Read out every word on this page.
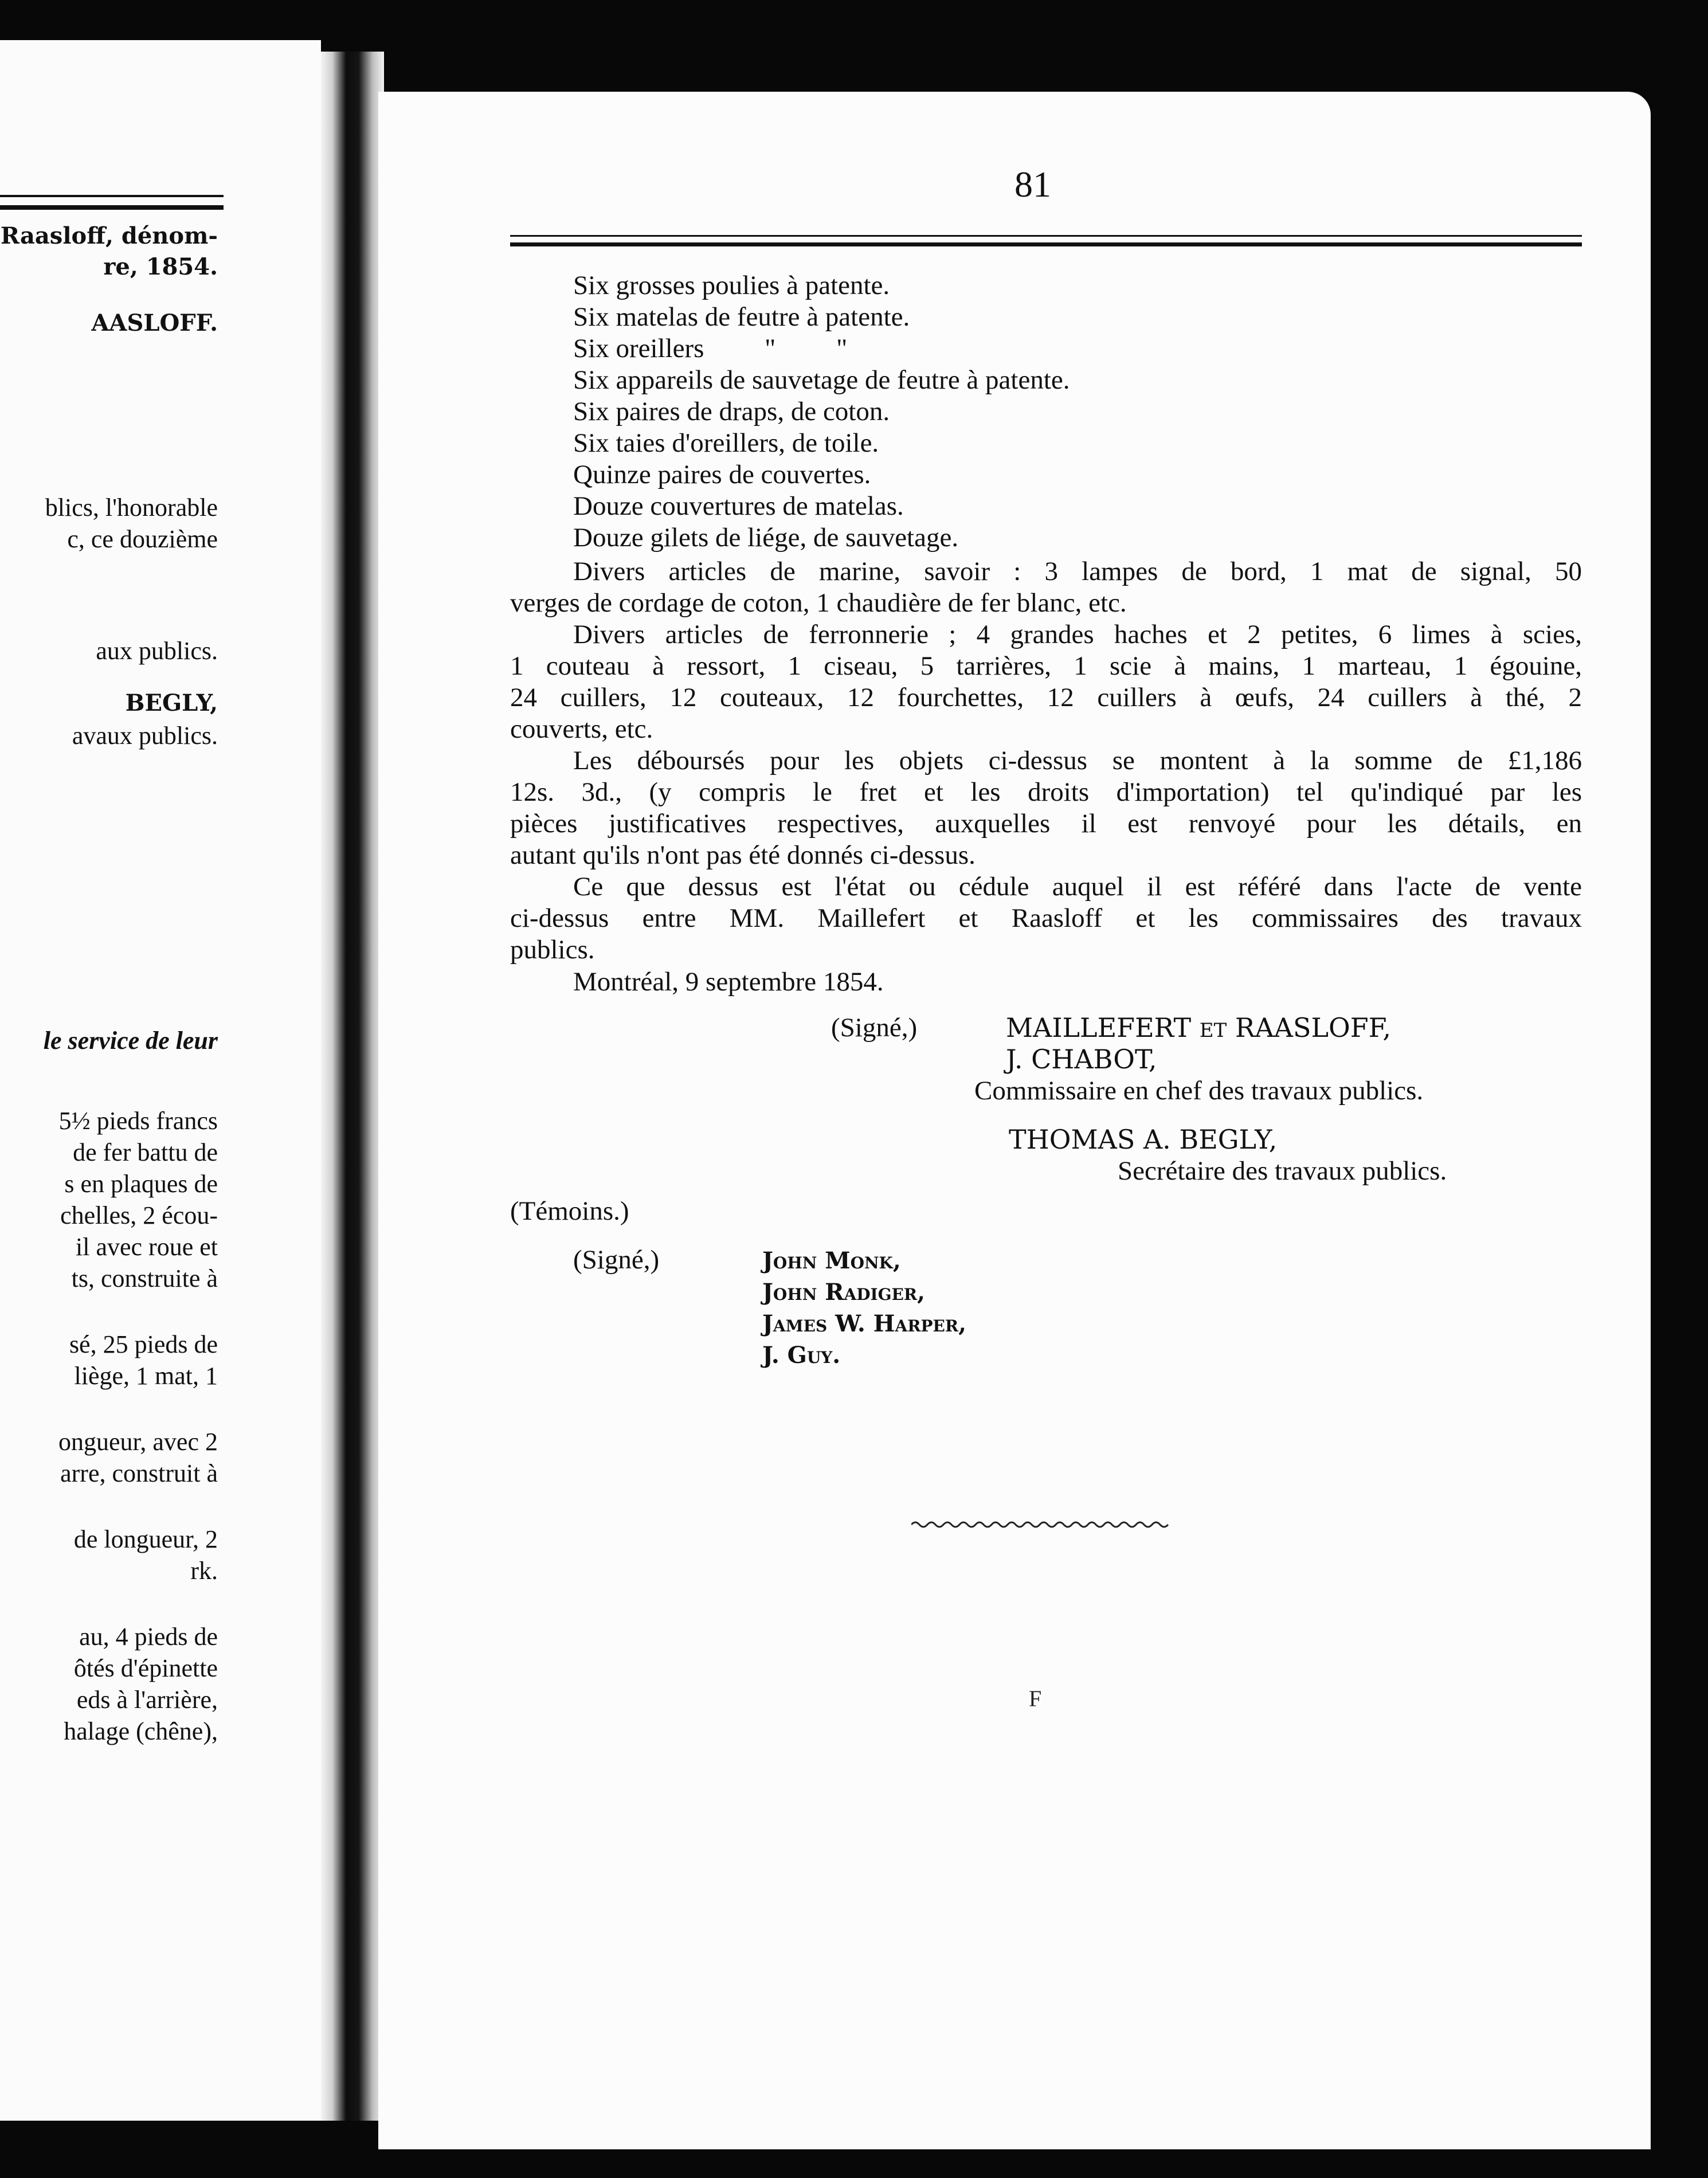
Raasloff, dénom-
re, 1854.
AASLOFF.
blics, l'honorable
c, ce douzième
aux publics.
BEGLY,
avaux publics.
le service de leur
5½ pieds francs
de fer battu de
s en plaques de
chelles, 2 écou-
il avec roue et
ts, construite à
sé, 25 pieds de
liège, 1 mat, 1
ongueur, avec 2
arre, construit à
de longueur, 2
rk.
au, 4 pieds de
ôtés d'épinette
eds à l'arrière,
halage (chêne),
81
Six grosses poulies à patente.
Six matelas de feutre à patente.
Six oreillers         "         "
Six appareils de sauvetage de feutre à patente.
Six paires de draps, de coton.
Six taies d'oreillers, de toile.
Quinze paires de couvertes.
Douze couvertures de matelas.
Douze gilets de liége, de sauvetage.
Divers articles de marine, savoir : 3 lampes de bord, 1 mat de signal, 50
verges de cordage de coton, 1 chaudière de fer blanc, etc.
Divers articles de ferronnerie ; 4 grandes haches et 2 petites, 6 limes à scies,
1 couteau à ressort, 1 ciseau, 5 tarrières, 1 scie à mains, 1 marteau, 1 égouine,
24 cuillers, 12 couteaux, 12 fourchettes, 12 cuillers à œufs, 24 cuillers à thé, 2
couverts, etc.
Les déboursés pour les objets ci-dessus se montent à la somme de £1,186
12s. 3d., (y compris le fret et les droits d'importation) tel qu'indiqué par les
pièces justificatives respectives, auxquelles il est renvoyé pour les détails, en
autant qu'ils n'ont pas été donnés ci-dessus.
Ce que dessus est l'état ou cédule auquel il est référé dans l'acte de vente
ci-dessus entre MM. Maillefert et Raasloff et les commissaires des travaux
publics.
Montréal, 9 septembre 1854.
(Signé,)	MAILLEFERT ET RAASLOFF,
J. CHABOT,
Commissaire en chef des travaux publics.
THOMAS A. BEGLY,
Secrétaire des travaux publics.
(Témoins.)
(Signé,)	John Monk,
John Radiger,
James W. Harper,
J. Guy.
F
